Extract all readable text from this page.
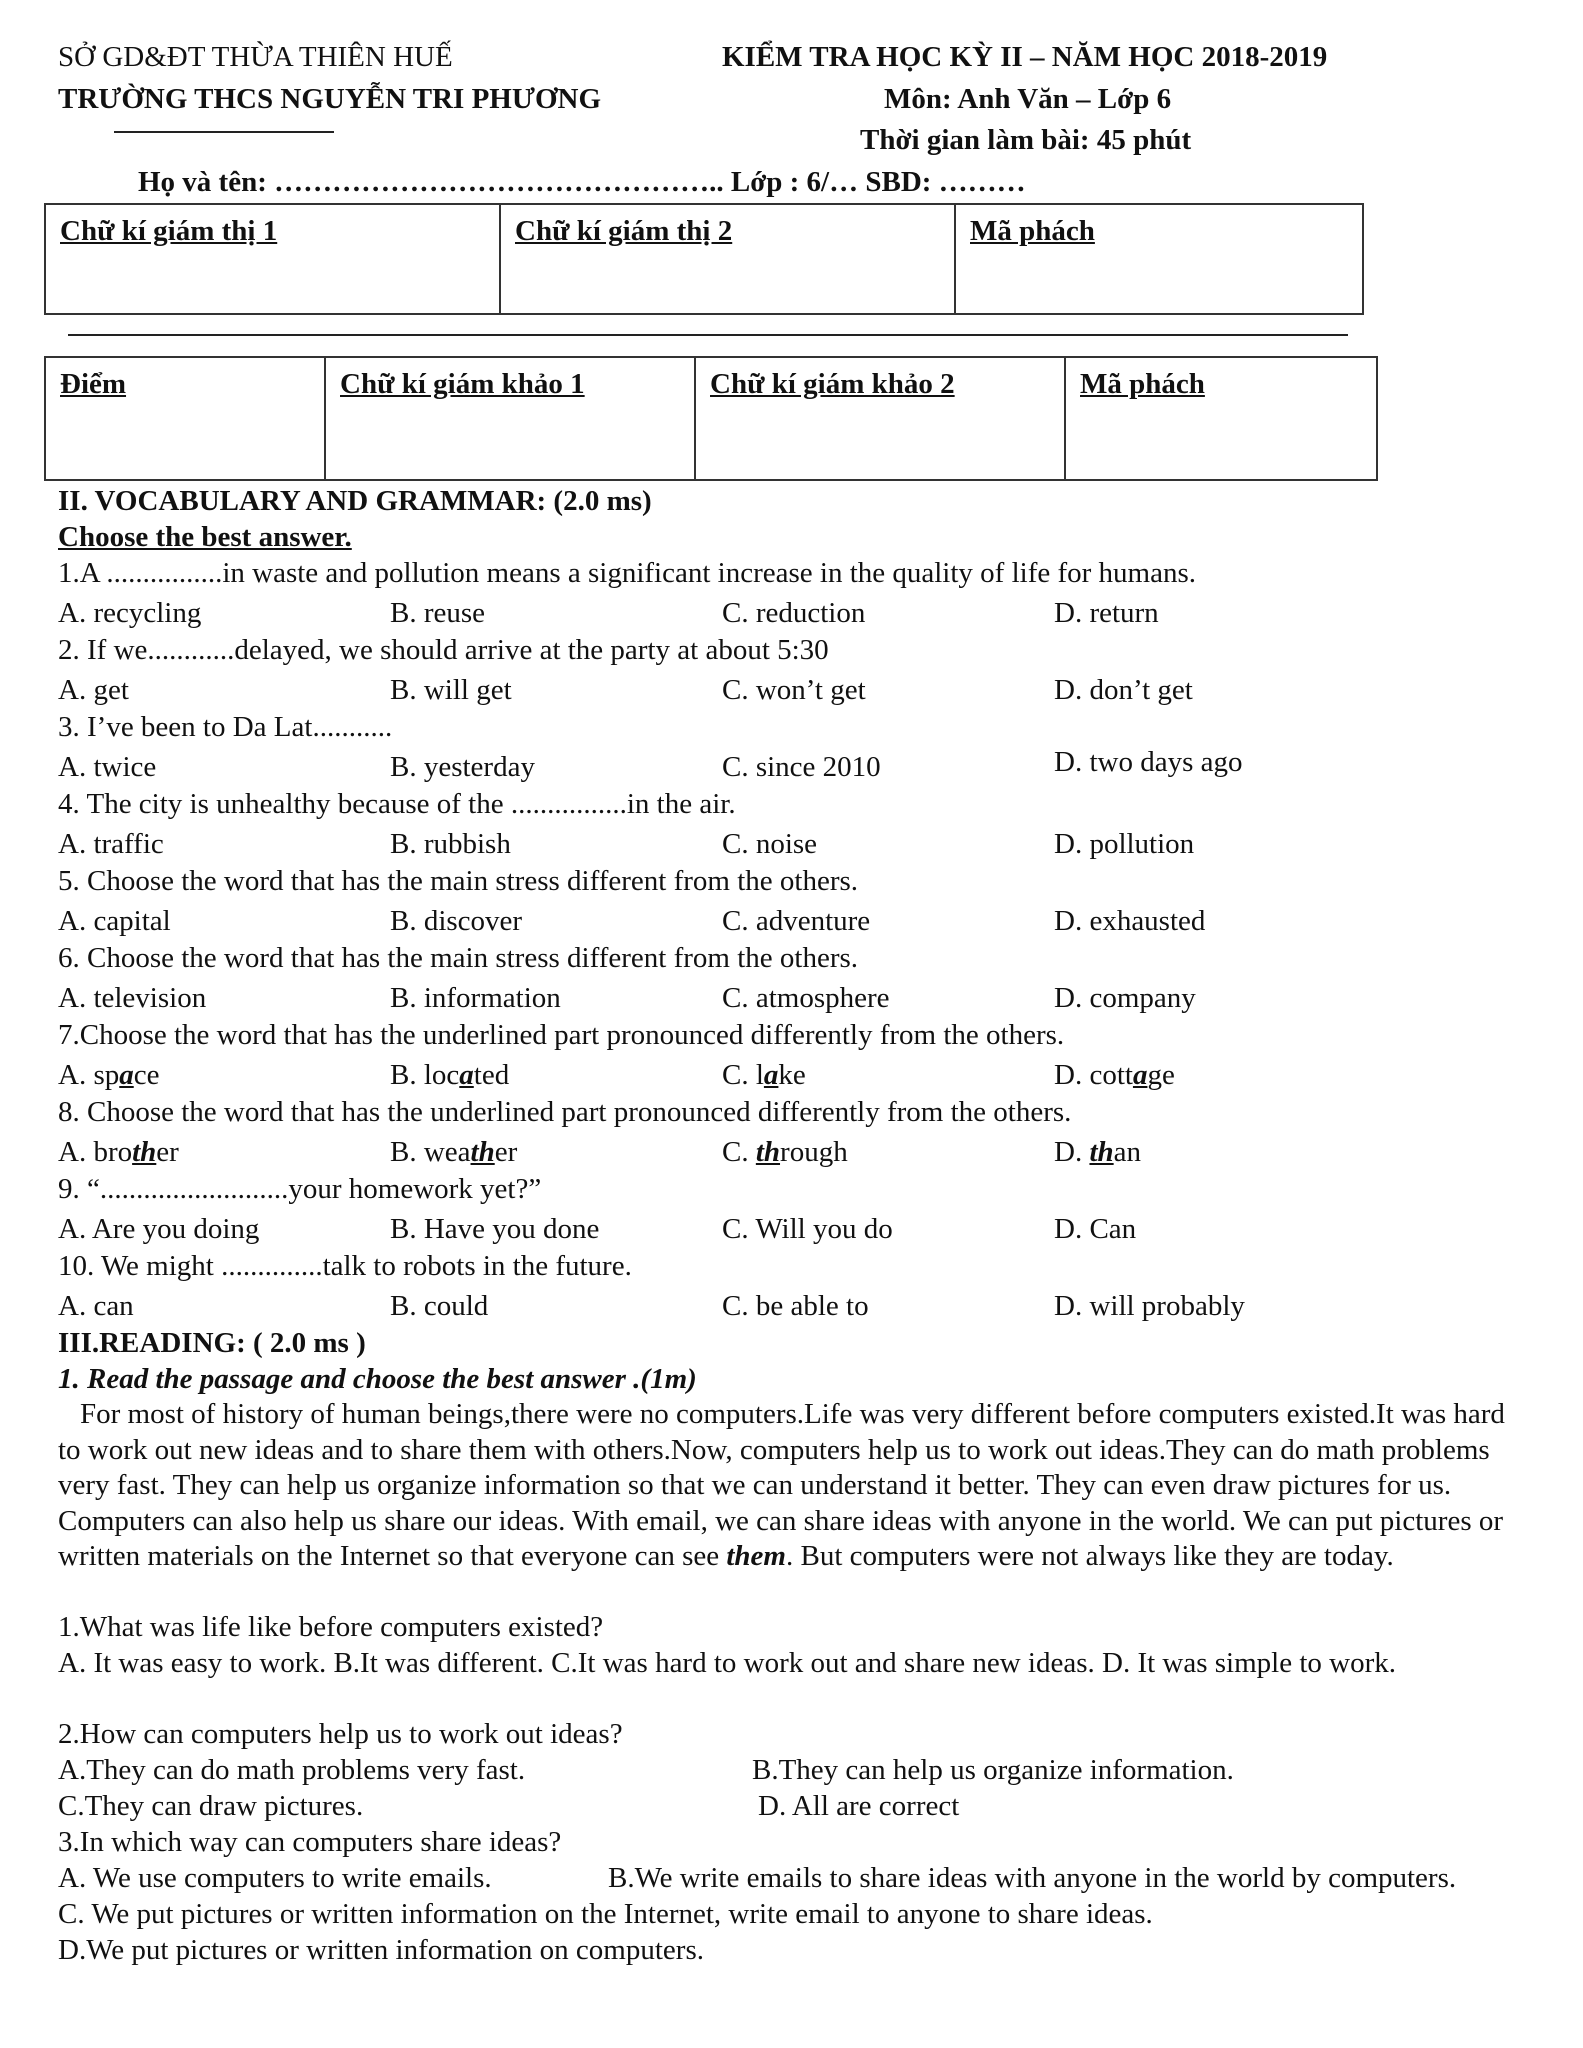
SỞ GD&ĐT THỪA THIÊN HUẾ
TRƯỜNG THCS NGUYỄN TRI PHƯƠNG
KIỂM TRA HỌC KỲ II – NĂM HỌC 2018-2019
Môn: Anh Văn – Lớp 6
Thời gian làm bài: 45 phút
Họ và tên: ……………………………………….. Lớp : 6/… SBD: ………
Chữ kí giám thị 1	Chữ kí giám thị 2	Mã phách
Điểm	Chữ kí giám khảo 1	Chữ kí giám khảo 2	Mã phách
II. VOCABULARY AND GRAMMAR: (2.0 ms)
Choose the best answer.
1.A ................in waste and pollution means a significant increase in the quality of life for humans.
A. recycling	B. reuse	C. reduction	D. return
2. If we............delayed, we should arrive at the party at about 5:30
A. get	B. will get	C. won’t get	D. don’t get
3. I’ve been to Da Lat...........
A. twice	B. yesterday	C. since 2010	D. two days ago
4. The city is unhealthy because of the ................in the air.
A. traffic	B. rubbish	C. noise	D. pollution
5. Choose the word that has the main stress different from the others.
A. capital	B. discover	C. adventure	D. exhausted
6. Choose the word that has the main stress different from the others.
A. television	B. information	C. atmosphere	D. company
7.Choose the word that has the underlined part pronounced differently from the others.
A. space	B. located	C. lake	D. cottage
8. Choose the word that has the underlined part pronounced differently from the others.
A. brother	B. weather	C. through	D. than
9. “..........................your homework yet?”
A. Are you doing	B. Have you done	C. Will you do	D. Can
10. We might ..............talk to robots in the future.
A. can	B. could	C. be able to	D. will probably
III.READING: ( 2.0 ms )
1. Read the passage and choose the best answer .(1m)
For most of history of human beings,there were no computers.Life was very different before computers existed.It was hard to work out new ideas and to share them with others.Now, computers help us to work out ideas.They can do math problems very fast. They can help us organize information so that we can understand it better. They can even draw pictures for us. Computers can also help us share our ideas. With email, we can share ideas with anyone in the world. We can put pictures or written materials on the Internet so that everyone can see them. But computers were not always like they are today.
1.What was life like before computers existed?
A. It was easy to work. B.It was different. C.It was hard to work out and share new ideas. D. It was simple to work.
2.How can computers help us to work out ideas?
A.They can do math problems very fast.	B.They can help us organize information.
C.They can draw pictures.	D. All are correct
3.In which way can computers share ideas?
A. We use computers to write emails.	B.We write emails to share ideas with anyone in the world by computers.
C. We put pictures or written information on the Internet, write email to anyone to share ideas.
D.We put pictures or written information on computers.
